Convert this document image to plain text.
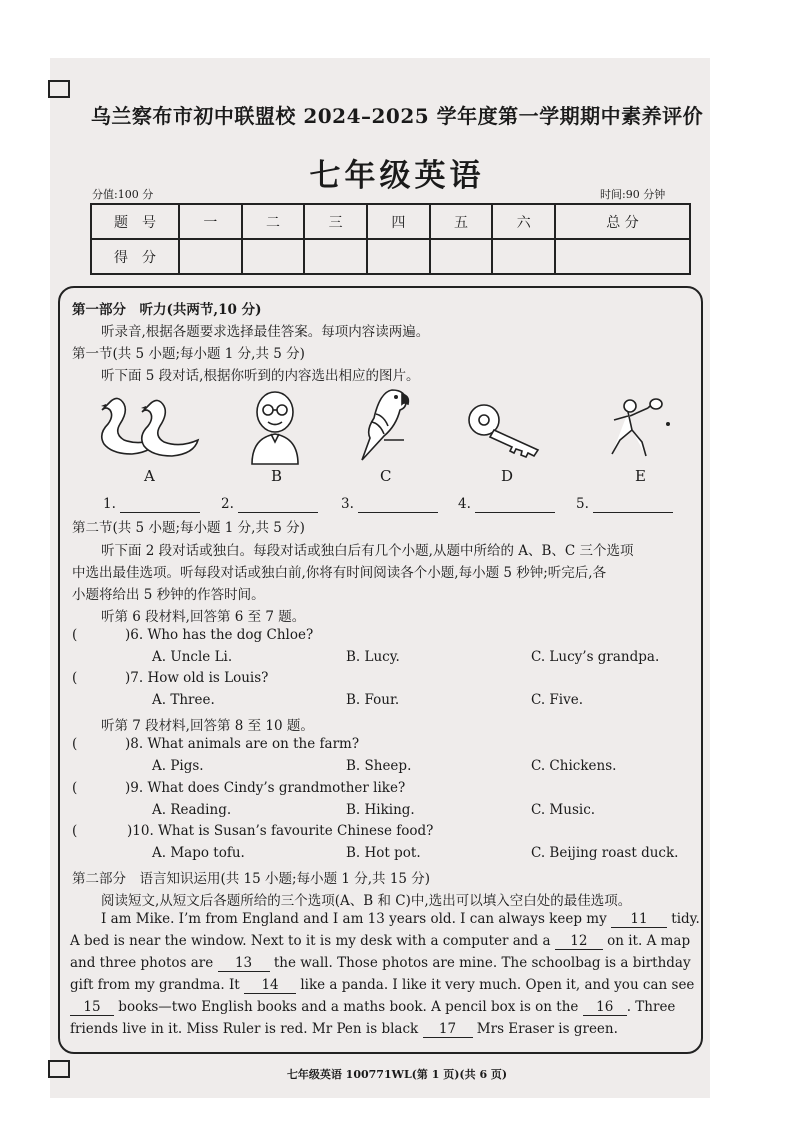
乌兰察布市初中联盟校 2024–2025 学年度第一学期期中素养评价
七年级英语
分值:100 分	时间:90 分钟
题　号	一	二	三	四	五	六	总 分
得　分							
第一部分　听力(共两节,10 分)
听录音,根据各题要求选择最佳答案。每项内容读两遍。
第一节(共 5 小题;每小题 1 分,共 5 分)
听下面 5 段对话,根据你听到的内容选出相应的图片。
A	B	C	D	E
1.	2.	3.	4.	5.
第二节(共 5 小题;每小题 1 分,共 5 分)
听下面 2 段对话或独白。每段对话或独白后有几个小题,从题中所给的 A、B、C 三个选项
中选出最佳选项。听每段对话或独白前,你将有时间阅读各个小题,每小题 5 秒钟;听完后,各
小题将给出 5 秒钟的作答时间。
听第 6 段材料,回答第 6 至 7 题。
(	)6. Who has the dog Chloe?
A. Uncle Li.	B. Lucy.	C. Lucy’s grandpa.
(	)7. How old is Louis?
A. Three.	B. Four.	C. Five.
听第 7 段材料,回答第 8 至 10 题。
(	)8. What animals are on the farm?
A. Pigs.	B. Sheep.	C. Chickens.
(	)9. What does Cindy’s grandmother like?
A. Reading.	B. Hiking.	C. Music.
(	)10. What is Susan’s favourite Chinese food?
A. Mapo tofu.	B. Hot pot.	C. Beijing roast duck.
第二部分　语言知识运用(共 15 小题;每小题 1 分,共 15 分)
阅读短文,从短文后各题所给的三个选项(A、B 和 C)中,选出可以填入空白处的最佳选项。
I am Mike. I’m from England and I am 13 years old. I can always keep my 11 tidy.
A bed is near the window. Next to it is my desk with a computer and a 12 on it. A map
and three photos are 13 the wall. Those photos are mine. The schoolbag is a birthday
gift from my grandma. It 14 like a panda. I like it very much. Open it, and you can see
15 books—two English books and a maths book. A pencil box is on the 16 . Three
friends live in it. Miss Ruler is red. Mr Pen is black 17 Mrs Eraser is green.
七年级英语 100771WL(第 1 页)(共 6 页)
